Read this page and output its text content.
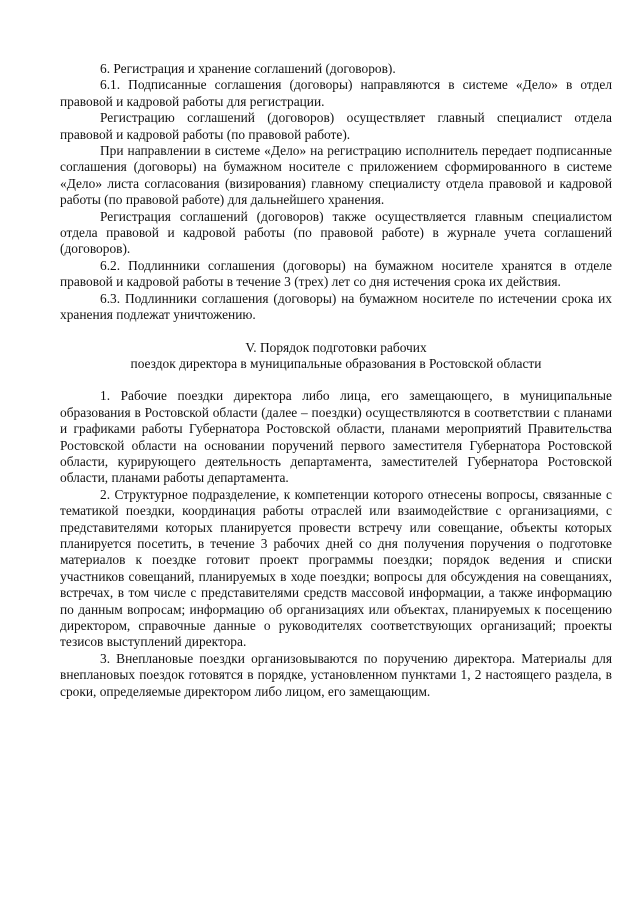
6. Регистрация и хранение соглашений (договоров).

6.1. Подписанные соглашения (договоры) направляются в системе «Дело» в отдел правовой и кадровой работы для регистрации.

Регистрацию соглашений (договоров) осуществляет главный специалист отдела правовой и кадровой работы (по правовой работе).

При направлении в системе «Дело» на регистрацию исполнитель передает подписанные соглашения (договоры) на бумажном носителе с приложением сформированного в системе «Дело» листа согласования (визирования) главному специалисту отдела правовой и кадровой работы (по правовой работе) для дальнейшего хранения.

Регистрация соглашений (договоров) также осуществляется главным специалистом отдела правовой и кадровой работы (по правовой работе) в журнале учета соглашений (договоров).

6.2. Подлинники соглашения (договоры) на бумажном носителе хранятся в отделе правовой и кадровой работы в течение 3 (трех) лет со дня истечения срока их действия.

6.3. Подлинники соглашения (договоры) на бумажном носителе по истечении срока их хранения подлежат уничтожению.

V. Порядок подготовки рабочих

поездок директора в муниципальные образования в Ростовской области

1. Рабочие поездки директора либо лица, его замещающего, в муниципальные образования в Ростовской области (далее – поездки) осуществляются в соответствии с планами и графиками работы Губернатора Ростовской области, планами мероприятий Правительства Ростовской области на основании поручений первого заместителя Губернатора Ростовской области, курирующего деятельность департамента, заместителей Губернатора Ростовской области, планами работы департамента.

2. Структурное подразделение, к компетенции которого отнесены вопросы, связанные с тематикой поездки, координация работы отраслей или взаимодействие с организациями, с представителями которых планируется провести встречу или совещание, объекты которых планируется посетить, в течение 3 рабочих дней со дня получения поручения о подготовке материалов к поездке готовит проект программы поездки; порядок ведения и списки участников совещаний, планируемых в ходе поездки; вопросы для обсуждения на совещаниях, встречах, в том числе с представителями средств массовой информации, а также информацию по данным вопросам; информацию об организациях или объектах, планируемых к посещению директором, справочные данные о руководителях соответствующих организаций; проекты тезисов выступлений директора.

3. Внеплановые поездки организовываются по поручению директора. Материалы для внеплановых поездок готовятся в порядке, установленном пунктами 1, 2 настоящего раздела, в сроки, определяемые директором либо лицом, его замещающим.
